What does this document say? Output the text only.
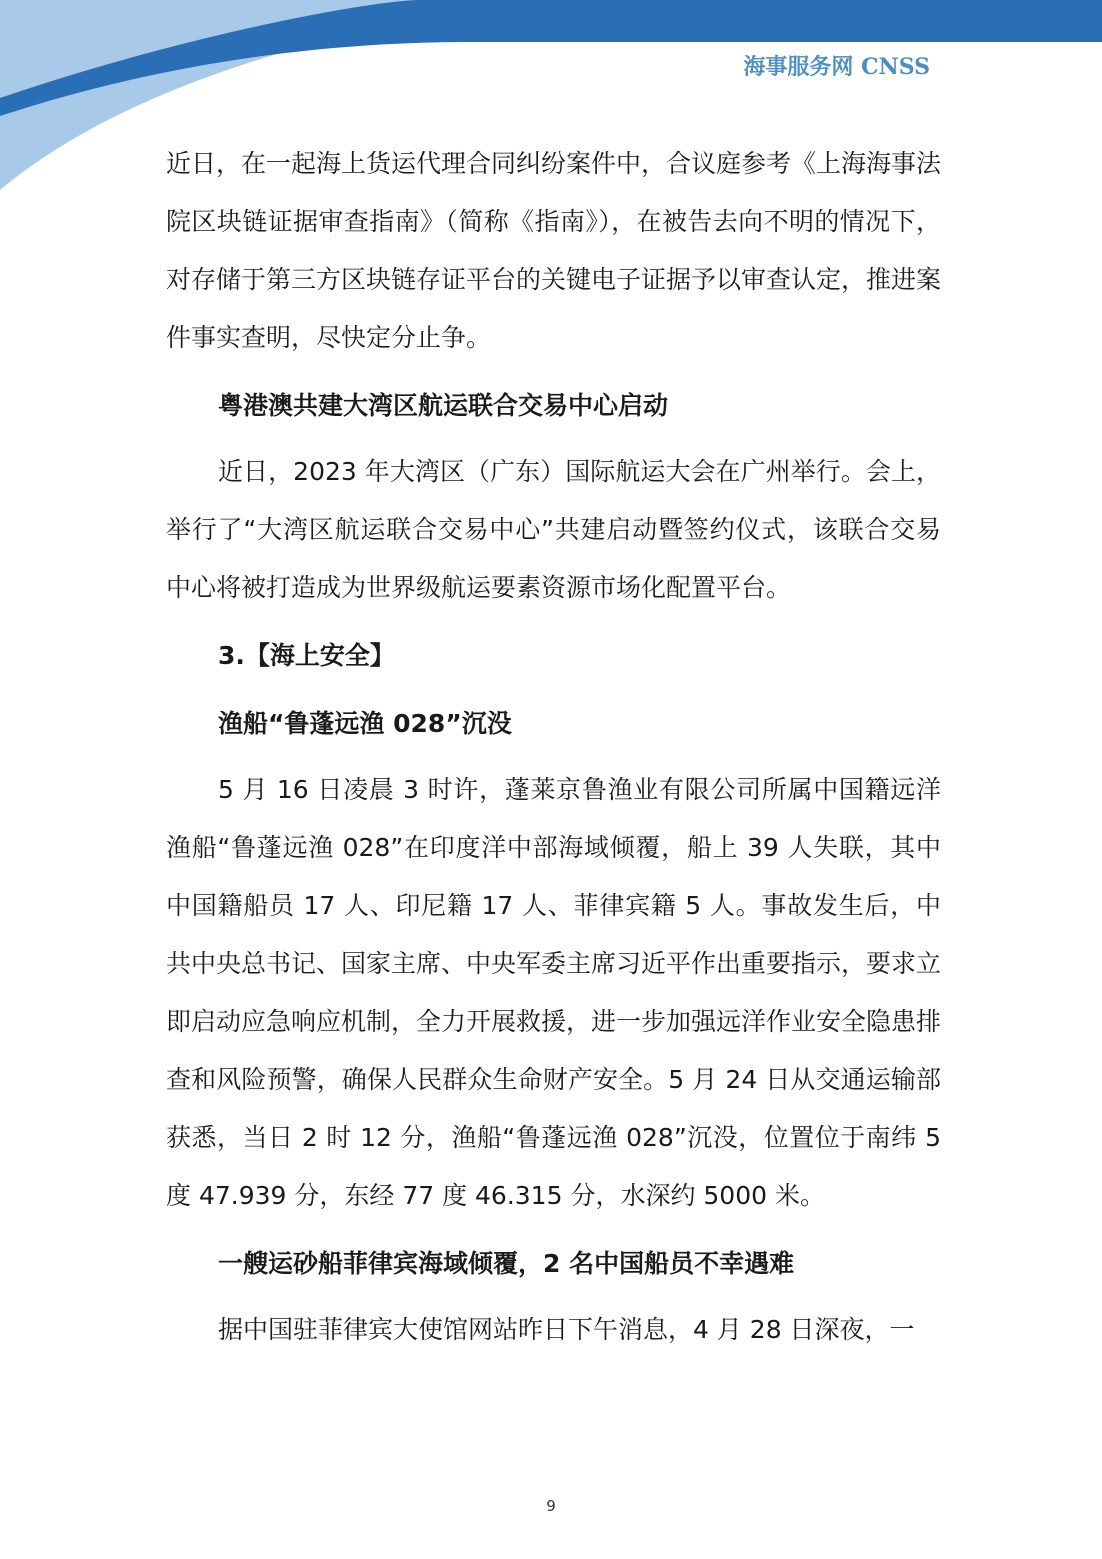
海事服务网 CNSS

近日，在一起海上货运代理合同纠纷案件中，合议庭参考《上海海事法院区块链证据审查指南》（简称《指南》），在被告去向不明的情况下，对存储于第三方区块链存证平台的关键电子证据予以审查认定，推进案件事实查明，尽快定分止争。

粤港澳共建大湾区航运联合交易中心启动

近日，2023 年大湾区（广东）国际航运大会在广州举行。会上，举行了“大湾区航运联合交易中心”共建启动暨签约仪式，该联合交易中心将被打造成为世界级航运要素资源市场化配置平台。

3.【海上安全】
渔船“鲁蓬远渔 028”沉没

5 月 16 日凌晨 3 时许，蓬莱京鲁渔业有限公司所属中国籍远洋渔船“鲁蓬远渔 028”在印度洋中部海域倾覆，船上 39 人失联，其中中国籍船员 17 人、印尼籍 17 人、菲律宾籍 5 人。事故发生后，中共中央总书记、国家主席、中央军委主席习近平作出重要指示，要求立即启动应急响应机制，全力开展救援，进一步加强远洋作业安全隐患排查和风险预警，确保人民群众生命财产安全。5 月 24 日从交通运输部获悉，当日 2 时 12 分，渔船“鲁蓬远渔 028”沉没，位置位于南纬 5 度 47.939 分，东经 77 度 46.315 分，水深约 5000 米。

一艘运砂船菲律宾海域倾覆，2 名中国船员不幸遇难

据中国驻菲律宾大使馆网站昨日下午消息，4 月 28 日深夜，一

9
